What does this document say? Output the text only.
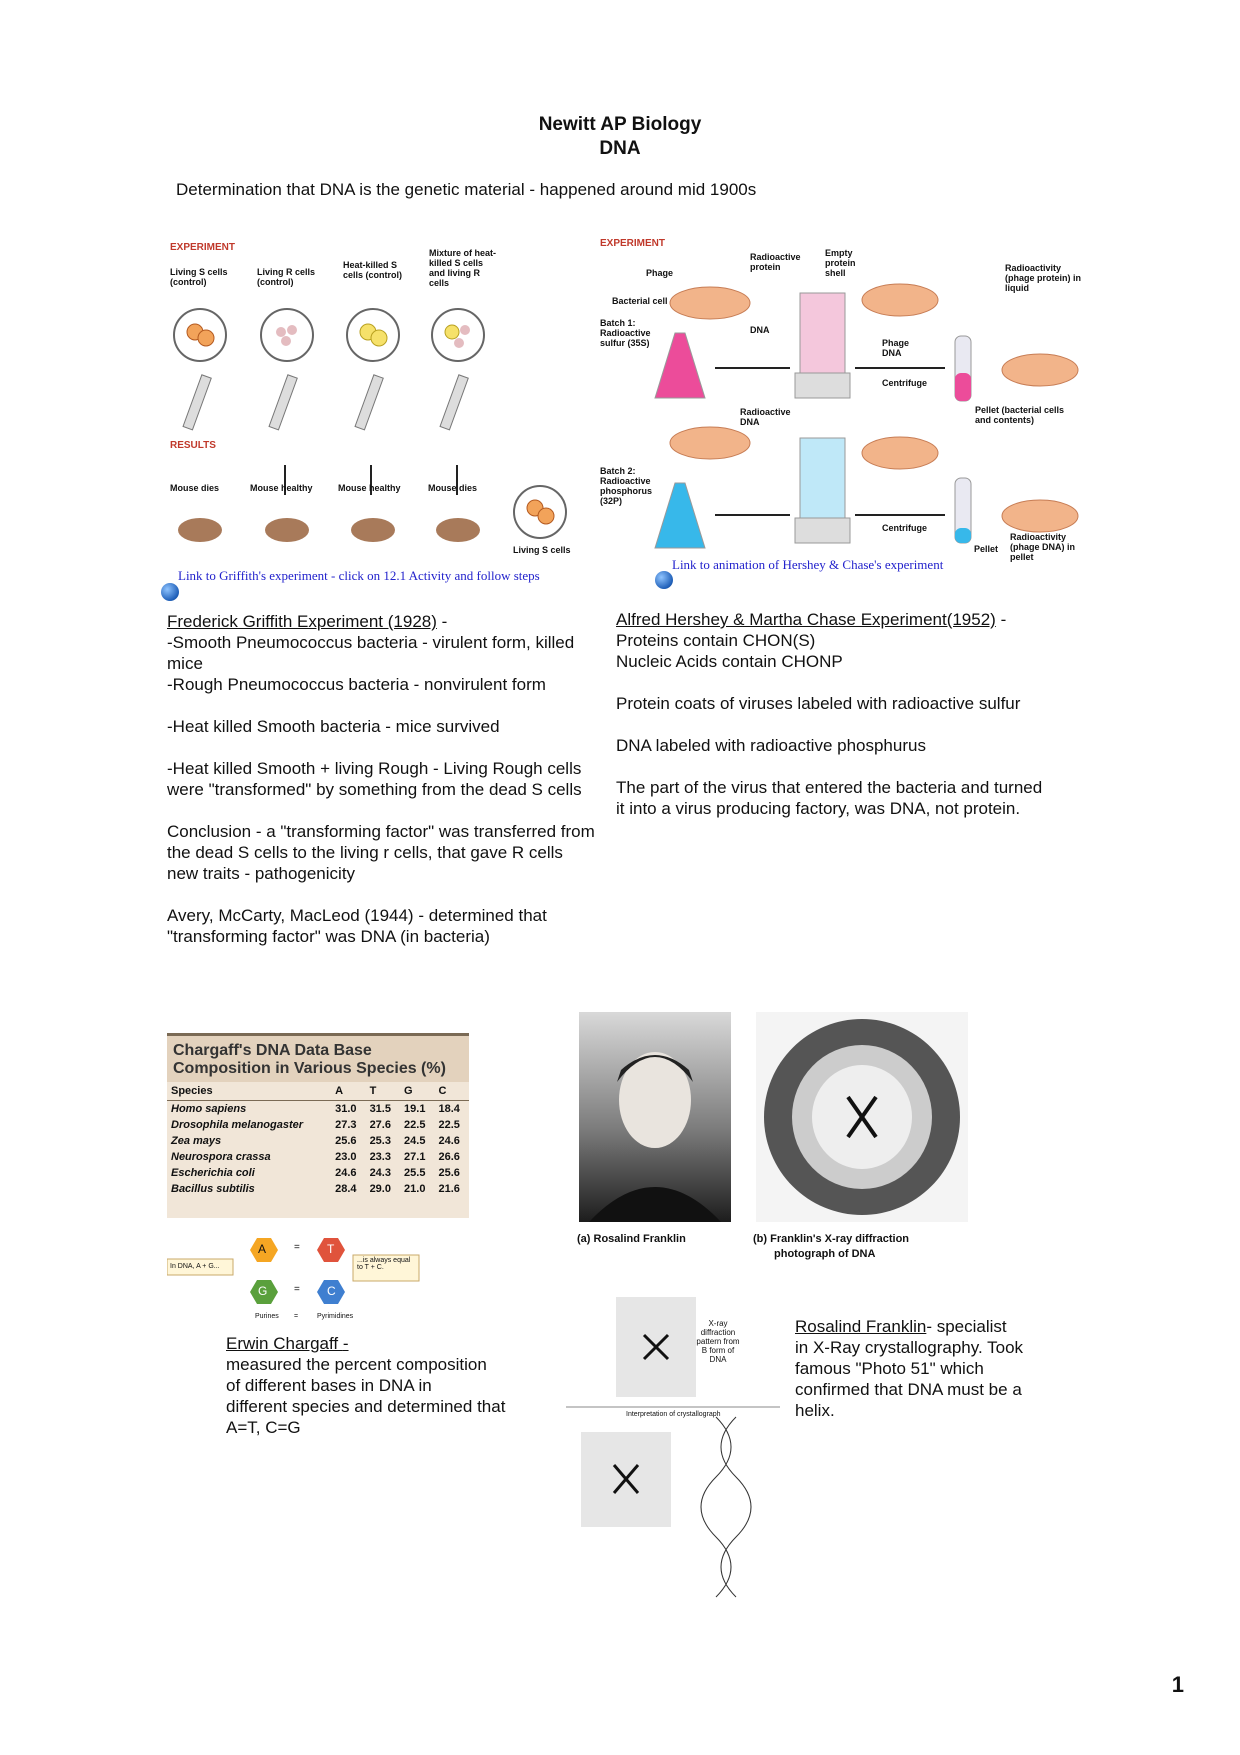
Newitt AP Biology
DNA
Determination that DNA is the genetic material - happened around mid 1900s
EXPERIMENT
Living S cells (control)
Living R cells (control)
Heat-killed S cells (control)
Mixture of heat-killed S cells and living R cells
RESULTS
Mouse dies	Mouse healthy	Mouse healthy	Mouse dies
Living S cells
Link to Griffith's experiment - click on 12.1 Activity and follow steps
EXPERIMENT
Phage
Bacterial cell
Radioactive protein
Empty protein shell
DNA
Batch 1: Radioactive sulfur (35S)	Phage DNA
Centrifuge
Radioactivity (phage protein) in liquid
Pellet (bacterial cells and contents)
Radioactive DNA
Batch 2: Radioactive phosphorus (32P)
Centrifuge
Pellet
Radioactivity (phage DNA) in pellet
Link to animation of Hershey & Chase's experiment
Frederick Griffith Experiment (1928) -
-Smooth Pneumococcus bacteria - virulent form, killed mice

-Rough Pneumococcus bacteria - nonvirulent form

-Heat killed Smooth bacteria - mice survived

-Heat killed Smooth + living Rough - Living Rough cells were "transformed" by something from the dead S cells

Conclusion - a "transforming factor" was transferred from the dead S cells to the living r cells, that gave R cells new traits - pathogenicity

Avery, McCarty, MacLeod (1944) - determined that "transforming factor" was DNA (in bacteria)

Alfred Hershey & Martha Chase Experiment(1952) -
Proteins contain CHON(S)

Nucleic Acids contain CHONP

Protein coats of viruses labeled with radioactive sulfur

DNA labeled with radioactive phosphurus

The part of the virus that entered the bacteria and turned it into a virus producing factory, was DNA, not protein.

Chargaff's DNA Data Base
Composition in Various Species (%)
Species	A	T	G	C
Homo sapiens	31.0	31.5	19.1	18.4
Drosophila melanogaster	27.3	27.6	22.5	22.5
Zea mays	25.6	25.3	24.5	24.6
Neurospora crassa	23.0	23.3	27.1	26.6
Escherichia coli	24.6	24.3	25.5	25.6
Bacillus subtilis	28.4	29.0	21.0	21.6
A	T
G	C
=
=
In DNA, A + G...
...is always equal to T + C.
Purines =	Pyrimidines
Erwin Chargaff -
measured the percent composition
of different bases in DNA in
different species and determined that
A=T, C=G
(a) Rosalind Franklin	(b) Franklin's X-ray diffraction
photograph of DNA
X-ray
diffraction
pattern from
B form of
DNA
Interpretation of crystallograph
Rosalind Franklin- specialist
in X-Ray crystallography. Took
famous "Photo 51" which
confirmed that DNA must be a
helix.
1
